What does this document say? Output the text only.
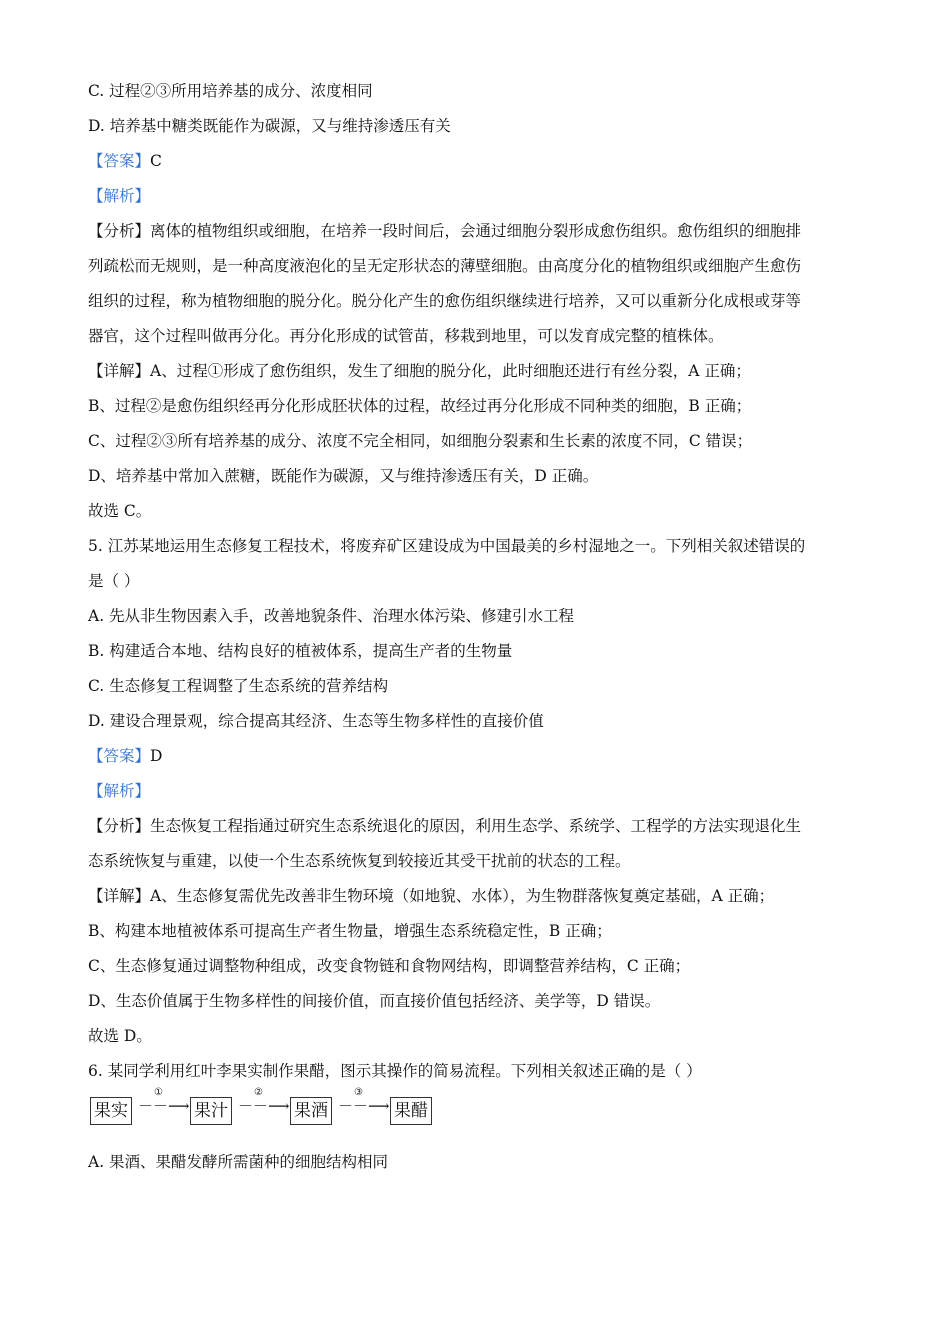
C. 过程②③所用培养基的成分、浓度相同
D. 培养基中糖类既能作为碳源，又与维持渗透压有关
【答案】C
【解析】
【分析】离体的植物组织或细胞，在培养一段时间后，会通过细胞分裂形成愈伤组织。愈伤组织的细胞排
列疏松而无规则，是一种高度液泡化的呈无定形状态的薄壁细胞。由高度分化的植物组织或细胞产生愈伤
组织的过程，称为植物细胞的脱分化。脱分化产生的愈伤组织继续进行培养，又可以重新分化成根或芽等
器官，这个过程叫做再分化。再分化形成的试管苗，移栽到地里，可以发育成完整的植株体。
【详解】A、过程①形成了愈伤组织，发生了细胞的脱分化，此时细胞还进行有丝分裂，A 正确；
B、过程②是愈伤组织经再分化形成胚状体的过程，故经过再分化形成不同种类的细胞，B 正确；
C、过程②③所有培养基的成分、浓度不完全相同，如细胞分裂素和生长素的浓度不同，C 错误；
D、培养基中常加入蔗糖，既能作为碳源，又与维持渗透压有关，D 正确。
故选 C。
5. 江苏某地运用生态修复工程技术，将废弃矿区建设成为中国最美的乡村湿地之一。下列相关叙述错误的
是（ ）
A. 先从非生物因素入手，改善地貌条件、治理水体污染、修建引水工程
B. 构建适合本地、结构良好的植被体系，提高生产者的生物量
C. 生态修复工程调整了生态系统的营养结构
D. 建设合理景观，综合提高其经济、生态等生物多样性的直接价值
【答案】D
【解析】
【分析】生态恢复工程指通过研究生态系统退化的原因，利用生态学、系统学、工程学的方法实现退化生
态系统恢复与重建，以使一个生态系统恢复到较接近其受干扰前的状态的工程。
【详解】A、生态修复需优先改善非生物环境（如地貌、水体），为生物群落恢复奠定基础，A 正确；
B、构建本地植被体系可提高生产者生物量，增强生态系统稳定性，B 正确；
C、生态修复通过调整物种组成，改变食物链和食物网结构，即调整营养结构，C 正确；
D、生态价值属于生物多样性的间接价值，而直接价值包括经济、美学等，D 错误。
故选 D。
6. 某同学利用红叶李果实制作果醋，图示其操作的简易流程。下列相关叙述正确的是（ ）
果实
①
－－⟶ 果汁
②
－－⟶ 果酒
③
－－⟶ 果醋
A. 果酒、果醋发酵所需菌种的细胞结构相同
